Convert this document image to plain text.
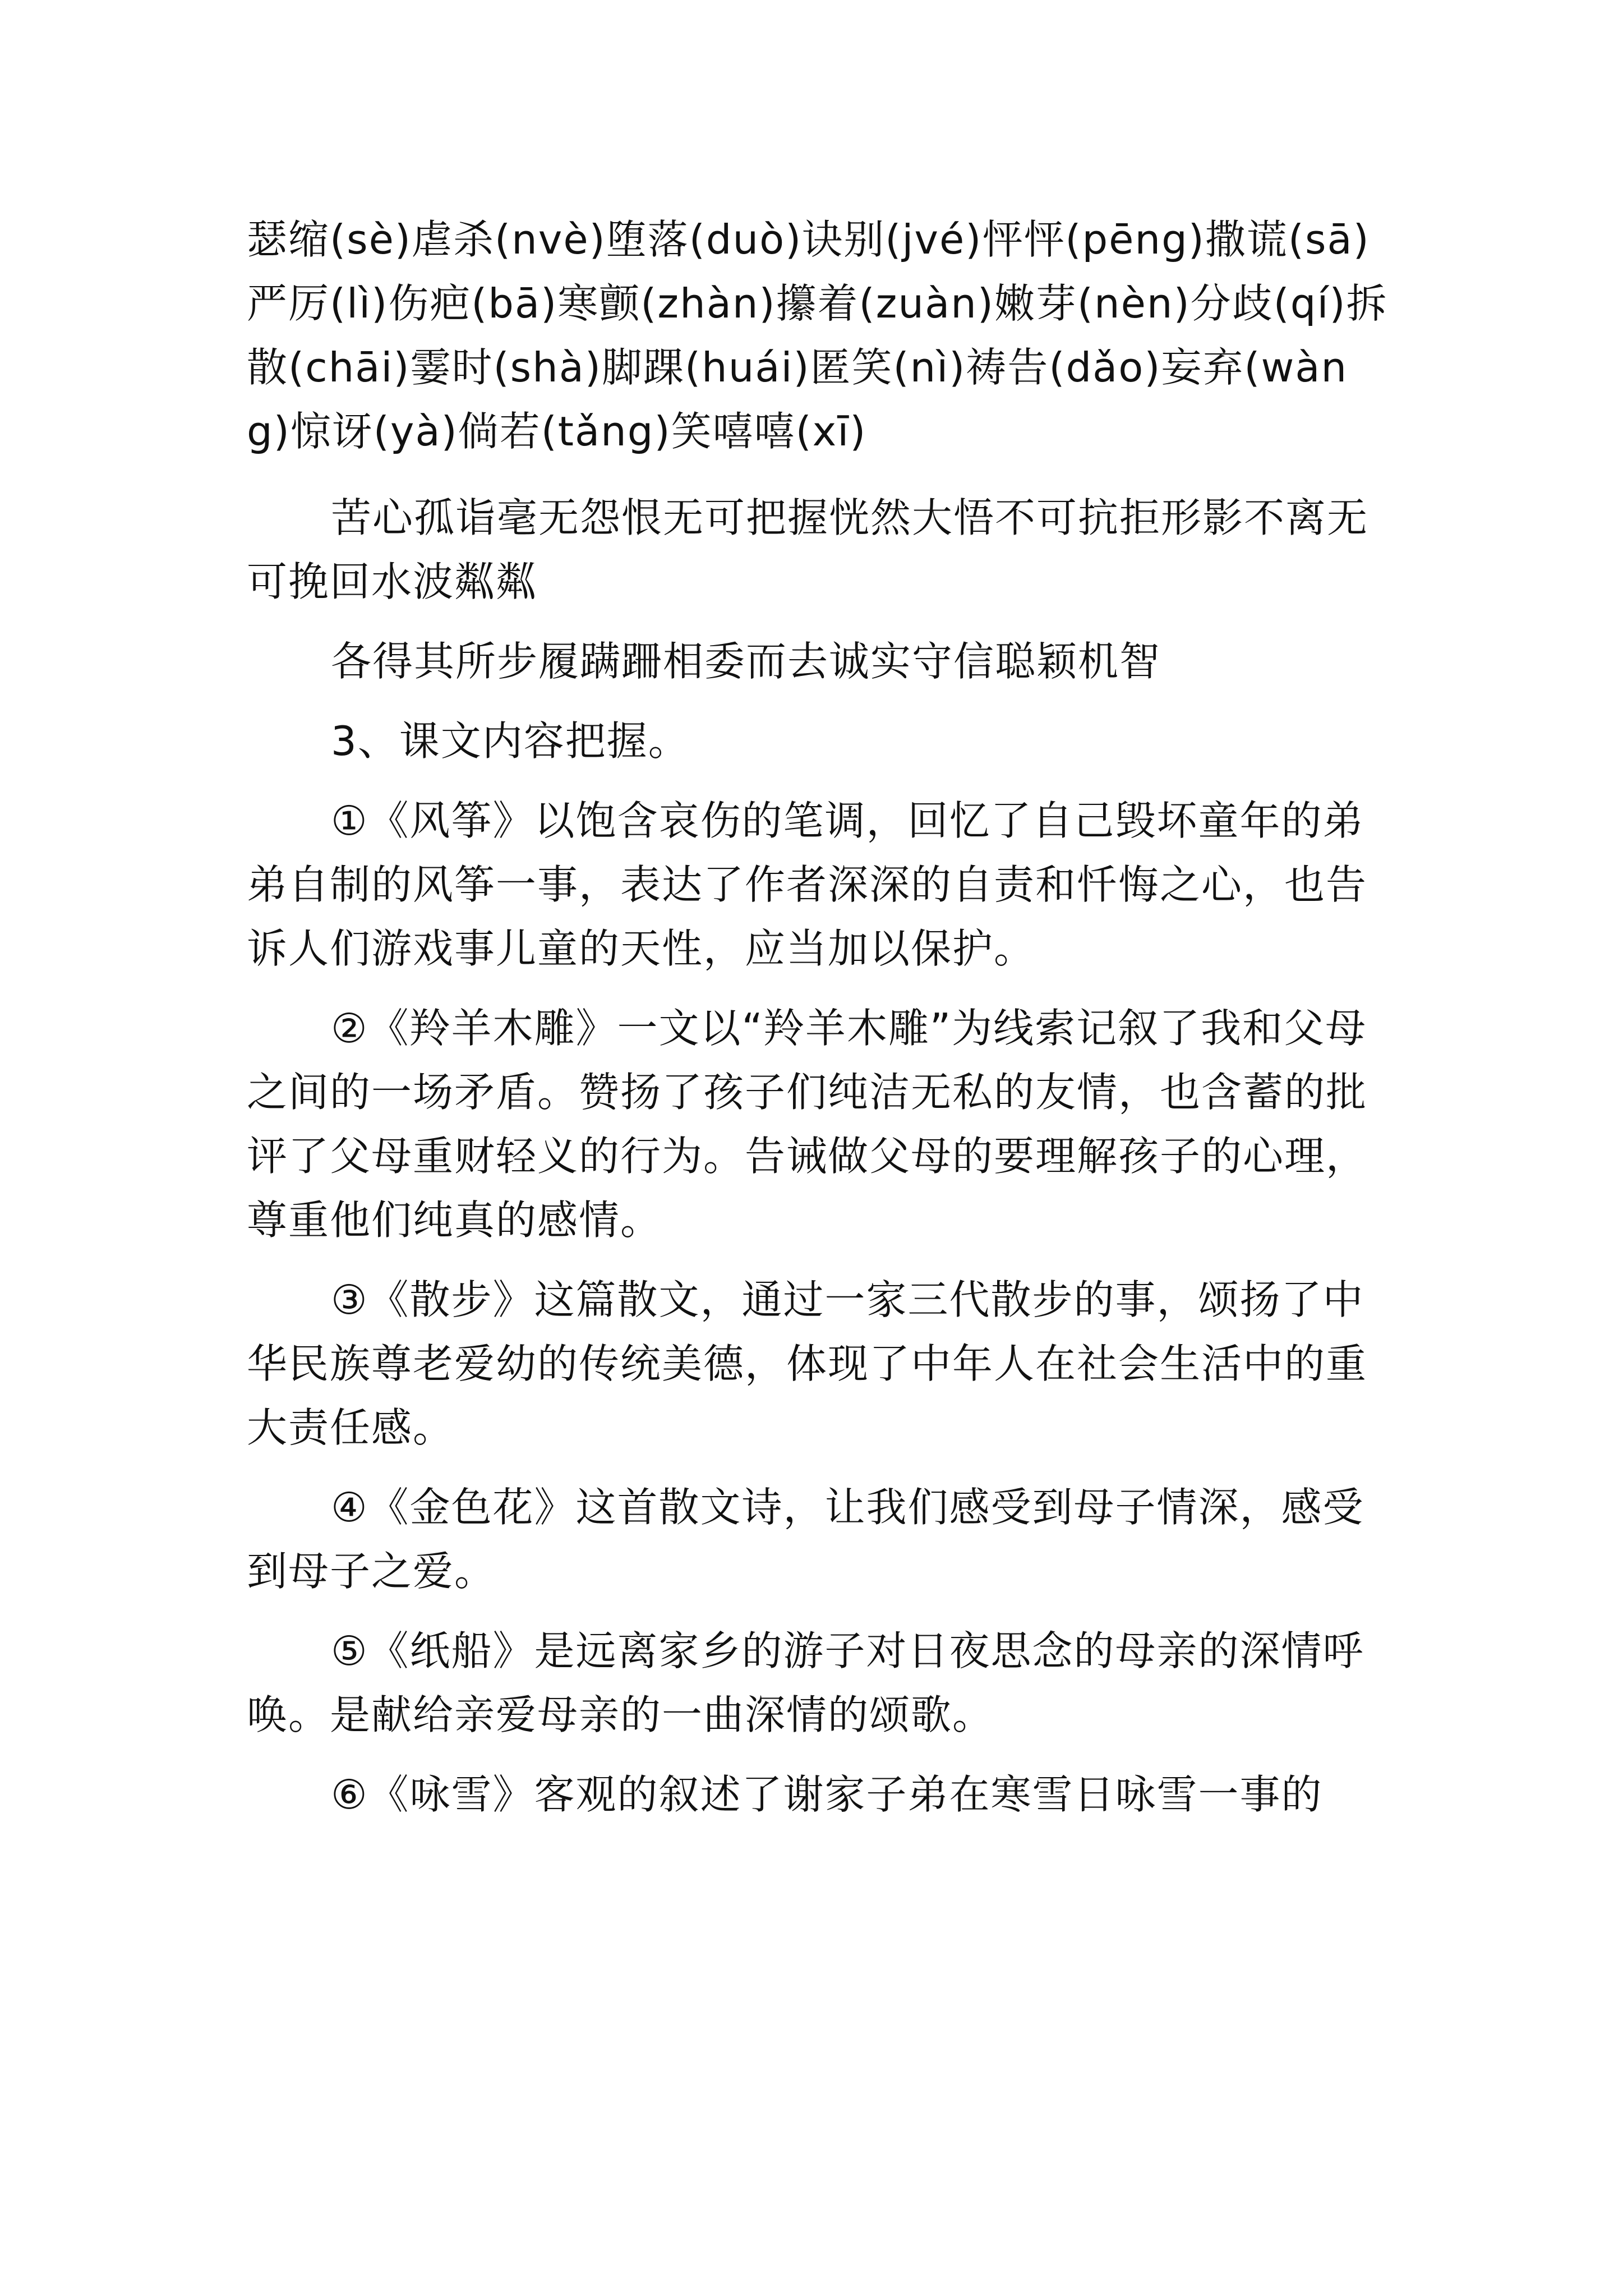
瑟缩(sè)虐杀(nvè)堕落(duò)诀别(jvé)怦怦(pēng)撒谎(sā)严厉(lì)伤疤(bā)寒颤(zhàn)攥着(zuàn)嫩芽(nèn)分歧(qí)拆散(chāi)霎时(shà)脚踝(huái)匿笑(nì)祷告(dǎo)妄弃(wàng)惊讶(yà)倘若(tǎng)笑嘻嘻(xī)

苦心孤诣毫无怨恨无可把握恍然大悟不可抗拒形影不离无可挽回水波粼粼

各得其所步履蹒跚相委而去诚实守信聪颖机智

3、课文内容把握。

①《风筝》以饱含哀伤的笔调，回忆了自己毁坏童年的弟弟自制的风筝一事，表达了作者深深的自责和忏悔之心，也告诉人们游戏事儿童的天性，应当加以保护。

②《羚羊木雕》一文以“羚羊木雕”为线索记叙了我和父母之间的一场矛盾。赞扬了孩子们纯洁无私的友情，也含蓄的批评了父母重财轻义的行为。告诫做父母的要理解孩子的心理，尊重他们纯真的感情。

③《散步》这篇散文，通过一家三代散步的事，颂扬了中华民族尊老爱幼的传统美德，体现了中年人在社会生活中的重大责任感。

④《金色花》这首散文诗，让我们感受到母子情深，感受到母子之爱。

⑤《纸船》是远离家乡的游子对日夜思念的母亲的深情呼唤。是献给亲爱母亲的一曲深情的颂歌。

⑥《咏雪》客观的叙述了谢家子弟在寒雪日咏雪一事的
